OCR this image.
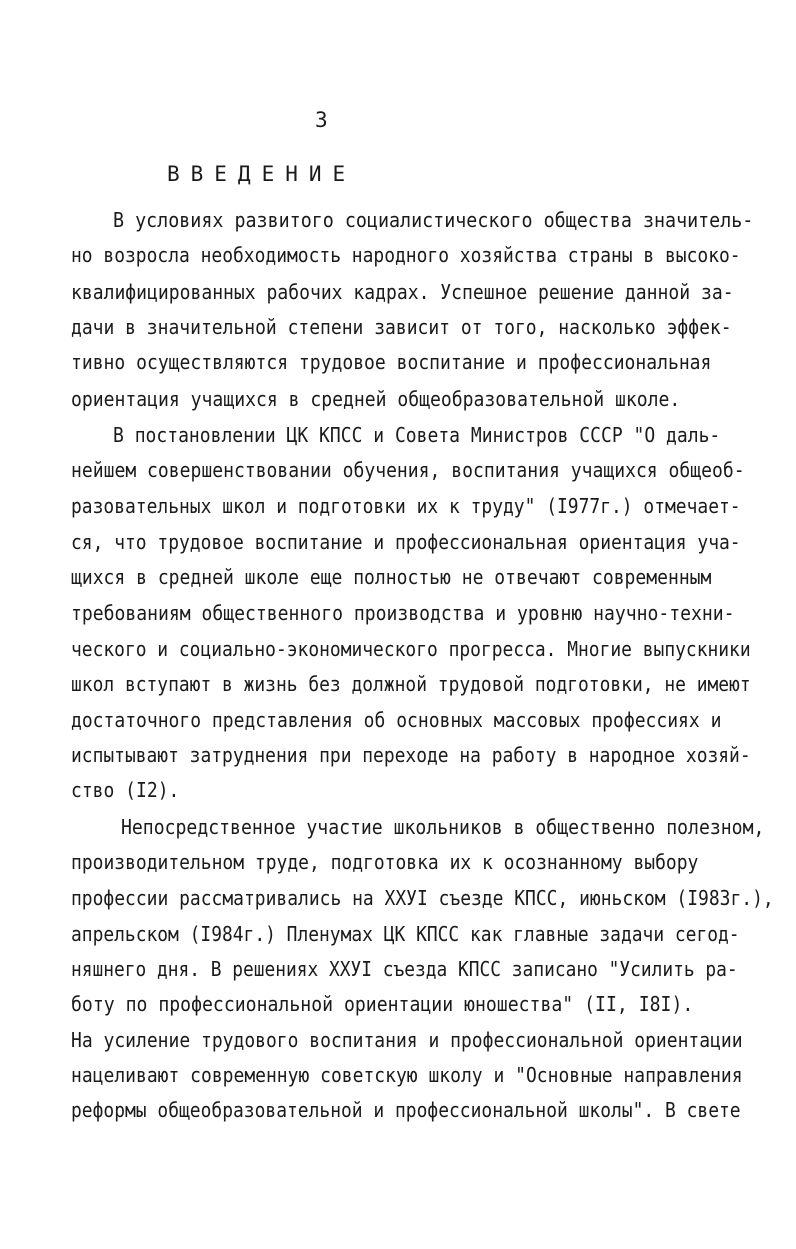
3
ВВЕДЕНИЕ
В условиях развитого социалистического общества значитель-
но возросла необходимость народного хозяйства страны в высоко-
квалифицированных рабочих кадрах. Успешное решение данной за-
дачи в значительной степени зависит от того, насколько эффек-
тивно осуществляются трудовое воспитание и профессиональная
ориентация учащихся в средней общеобразовательной школе.
В постановлении ЦК КПСС и Совета Министров СССР "О даль-
нейшем совершенствовании обучения, воспитания учащихся общеоб-
разовательных школ и подготовки их к труду" (I977г.) отмечает-
ся, что трудовое воспитание и профессиональная ориентация уча-
щихся в средней школе еще полностью не отвечают современным
требованиям общественного производства и уровню научно-техни-
ческого и социально-экономического прогресса. Многие выпускники
школ вступают в жизнь без должной трудовой подготовки, не имеют
достаточного представления об основных массовых профессиях и
испытывают затруднения при переходе на работу в народное хозяй-
ство (I2).
Непосредственное участие школьников в общественно полезном,
производительном труде, подготовка их к осознанному выбору
профессии рассматривались на XXУI съезде КПСС, июньском (I983г.),
апрельском (I984г.) Пленумах ЦК КПСС как главные задачи сегод-
няшнего дня. В решениях XXУI съезда КПСС записано "Усилить ра-
боту по профессиональной ориентации юношества" (II, I8I).
На усиление трудового воспитания и профессиональной ориентации
нацеливают современную советскую школу и "Основные направления
реформы общеобразовательной и профессиональной школы". В свете
